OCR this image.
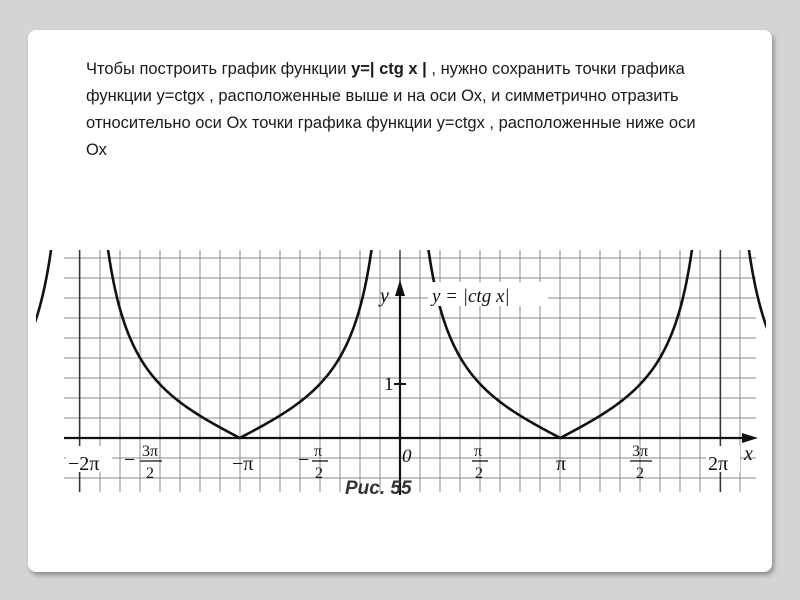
Чтобы построить график функции y=| ctg x | , нужно сохранить точки графика функции y=ctgx , расположенные выше и на оси Ох, и симметрично отразить относительно оси Ох точки графика функции y=ctgx , расположенные ниже оси Ох
y = |ctg x|
y
x
1
0
−2π − 3π
2	−π − π
2
π
2	π
3π
2	2π
Рис. 55
